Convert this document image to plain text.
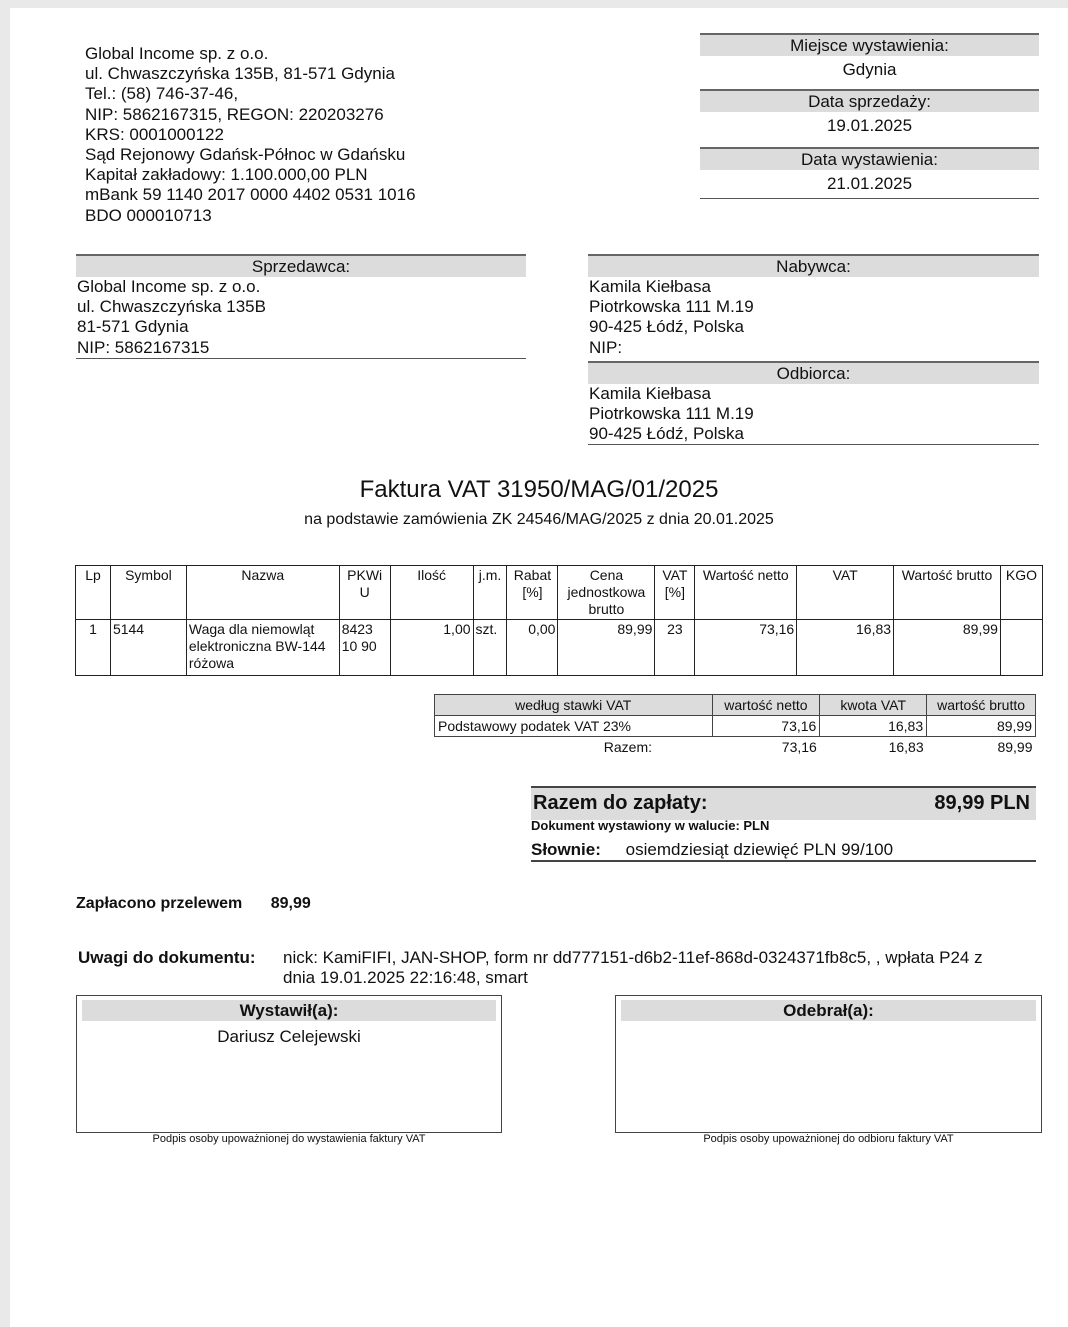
Global Income sp. z o.o.
ul. Chwaszczyńska 135B, 81-571 Gdynia
Tel.: (58) 746-37-46,
NIP: 5862167315, REGON: 220203276
KRS: 0001000122
Sąd Rejonowy Gdańsk-Północ w Gdańsku
Kapitał zakładowy: 1.100.000,00 PLN
mBank 59 1140 2017 0000 4402 0531 1016
BDO 000010713
Miejsce wystawienia:
Gdynia
Data sprzedaży:
19.01.2025
Data wystawienia:
21.01.2025
Sprzedawca:
Global Income sp. z o.o.
ul. Chwaszczyńska 135B
81-571 Gdynia
NIP: 5862167315
Nabywca:
Kamila Kiełbasa
Piotrkowska 111 M.19
90-425 Łódź, Polska
NIP:
Odbiorca:
Kamila Kiełbasa
Piotrkowska 111 M.19
90-425 Łódź, Polska
Faktura VAT 31950/MAG/01/2025
na podstawie zamówienia ZK 24546/MAG/2025 z dnia 20.01.2025
Lp	Symbol	Nazwa	PKWi U	Ilość	j.m.	Rabat [%]	Cena jednostkowa brutto	VAT [%]	Wartość netto	VAT	Wartość brutto	KGO
1	5144	Waga dla niemowląt elektroniczna BW-144 różowa	8423 10 90	1,00	szt.	0,00	89,99	23	73,16	16,83	89,99	
według stawki VAT	wartość netto	kwota VAT	wartość brutto
Podstawowy podatek VAT 23%	73,16	16,83	89,99
Razem:	73,16	16,83	89,99
Razem do zapłaty:	89,99 PLN
Dokument wystawiony w walucie: PLN
Słownie: osiemdziesiąt dziewięć PLN 99/100
Zapłacono przelewem 89,99
Uwagi do dokumentu: nick: KamiFIFI, JAN-SHOP, form nr dd777151-d6b2-11ef-868d-0324371fb8c5, , wpłata P24 z
dnia 19.01.2025 22:16:48, smart
Wystawił(a):
Dariusz Celejewski
Podpis osoby upoważnionej do wystawienia faktury VAT
Odebrał(a):
Podpis osoby upoważnionej do odbioru faktury VAT
